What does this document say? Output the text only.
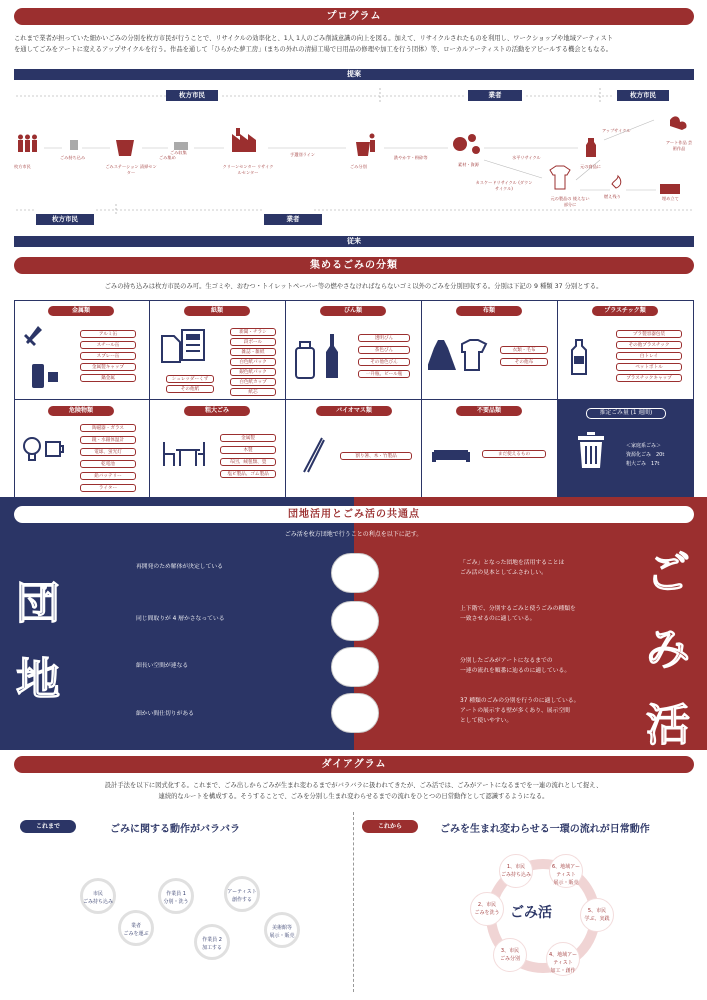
プログラム
これまで業者が担っていた細かいごみの分別を枚方市民が行うことで、リサイクルの効率化と、1人 1人のごみ削減意識の向上を図る。加えて、リサイクルされたものを利用し、ワークショップや地域アーティスト
を通してごみをアートに変えるアップサイクルを行う。作品を通して「ひらかた夢工房」(まちの外れの清掃工場で日用品の修理や加工を行う団体）等、ローカルアーティストの活動をアピールする機会ともなる。
提案
枚方市民	業者	枚方市民
枚方市民
ごみ持ち込み	ごみ集め
ごみステーション 清掃センター
ごみ収集
クリーンセンター リサイクルセンター
手選別ライン
ごみ分別
鉄やかす・粉砕等
素材・資源
水平リサイクル
カスケードリサイクル (ダウンサイクル)
元の商品に
元の製品の 使えない部分に
アップサイクル
アート作品 芸術作品
燃え残り	埋め立て
枚方市民	業者
従来
集めるごみの分類
ごみの持ち込みは枚方市民のみ可。生ゴミや、おむつ・トイレットペーパー等の燃やさなければならないゴミ以外のごみを分別回収する。分別は下記の 9 種類 37 分別とする。
金属類
アルミ缶
スチール缶
スプレー缶
金属製キャップ
鍋金属
紙類
新聞・チラシ
段ボール
雑誌・雑紙
白色紙パック
銀色紙パック
白色紙カップ
紙芯
シュレッダーくず
その他紙
びん類
透明びん
茶色びん
その他色びん
一升瓶、ビール瓶
布類
衣類・毛布
その他布
プラスチック類
プラ製容器包装
その他プラスチック
白トレイ
ペットボトル
プラスチックキャップ
危険物類
陶磁器・ガラス
鏡・水銀体温計
電球、蛍光灯
乾電池
鉛バッテリー
ライター
粗大ごみ
金属製
木製
布団、絨毯類、畳
塩ビ製品、ゴム製品
バイオマス類
割り箸、木・竹製品
不要品類
まだ使えるもの
推定ごみ量 (1 週間)
＜家庭系ごみ＞
資源化ごみ　20t
粗大ごみ　17t
団地活用とごみ活の共通点
ごみ活を枚方団地で行うことの利点を以下に記す。
団地
ごみ活
再開発のため解体が決定している
同じ間取りが 4 層かさなっている
細長い空間が連なる
細かい間仕切りがある
「ごみ」となった団地を活用することは
ごみ活の見本としてふさわしい。
上下階で、分別するごみと使うごみの種類を
一致させるのに適している。
分別したごみがアートになるまでの
一連の流れを順番に辿るのに適している。
37 種類のごみの分別を行うのに適している。
アートの展示する壁が多くあり、展示空間
として使いやすい。
ダイアグラム
設計手法を以下に図式化する。これまで、ごみ出しからごみが生まれ変わるまでがバラバラに扱われてきたが、ごみ活では、ごみがアートになるまでを一連の流れとして捉え、
連続的なルートを構成する。そうすることで、ごみを分別し生まれ変わらせるまでの流れをひとつの日常動作として認識するようになる。
これまで	ごみに関する動作がバラバラ	これから	ごみを生まれ変わらせる一環の流れが日常動作
市民
ごみ持ち込み
作業員 1
分別・洗う
アーティスト
創作する
業者
ごみを運ぶ
作業員 2
加工する
美術館等
展示・販売
ごみ活
1、市民
ごみ持ち込み
6、地域アーティスト
展示・販売
2、市民
ごみを洗う	5、市民
学ぶ、実践
3、市民
ごみ分別
4、地域アーティスト
加工・創作
